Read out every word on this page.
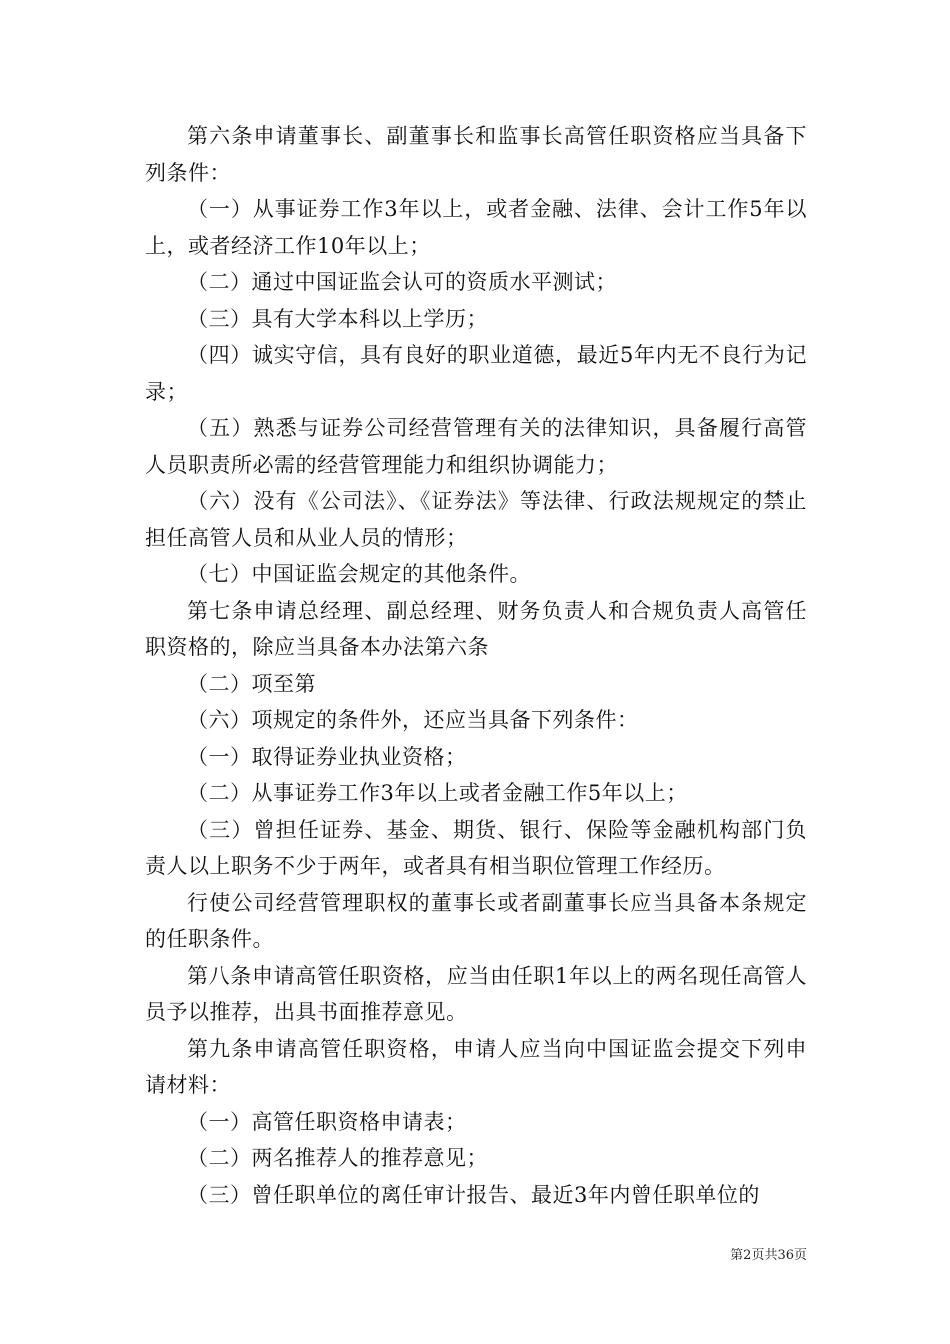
第六条申请董事长、副董事长和监事长高管任职资格应当具备下列条件：

（一）从事证券工作3年以上，或者金融、法律、会计工作5年以上，或者经济工作10年以上；

（二）通过中国证监会认可的资质水平测试；

（三）具有大学本科以上学历；

（四）诚实守信，具有良好的职业道德，最近5年内无不良行为记录；

（五）熟悉与证券公司经营管理有关的法律知识，具备履行高管人员职责所必需的经营管理能力和组织协调能力；

（六）没有《公司法》、《证券法》等法律、行政法规规定的禁止担任高管人员和从业人员的情形；

（七）中国证监会规定的其他条件。

第七条申请总经理、副总经理、财务负责人和合规负责人高管任职资格的，除应当具备本办法第六条

（二）项至第

（六）项规定的条件外，还应当具备下列条件：

（一）取得证券业执业资格；

（二）从事证券工作3年以上或者金融工作5年以上；

（三）曾担任证券、基金、期货、银行、保险等金融机构部门负责人以上职务不少于两年，或者具有相当职位管理工作经历。

行使公司经营管理职权的董事长或者副董事长应当具备本条规定的任职条件。

第八条申请高管任职资格，应当由任职1年以上的两名现任高管人员予以推荐，出具书面推荐意见。

第九条申请高管任职资格，申请人应当向中国证监会提交下列申请材料：

（一）高管任职资格申请表；

（二）两名推荐人的推荐意见；

（三）曾任职单位的离任审计报告、最近3年内曾任职单位的

第2页共36页
